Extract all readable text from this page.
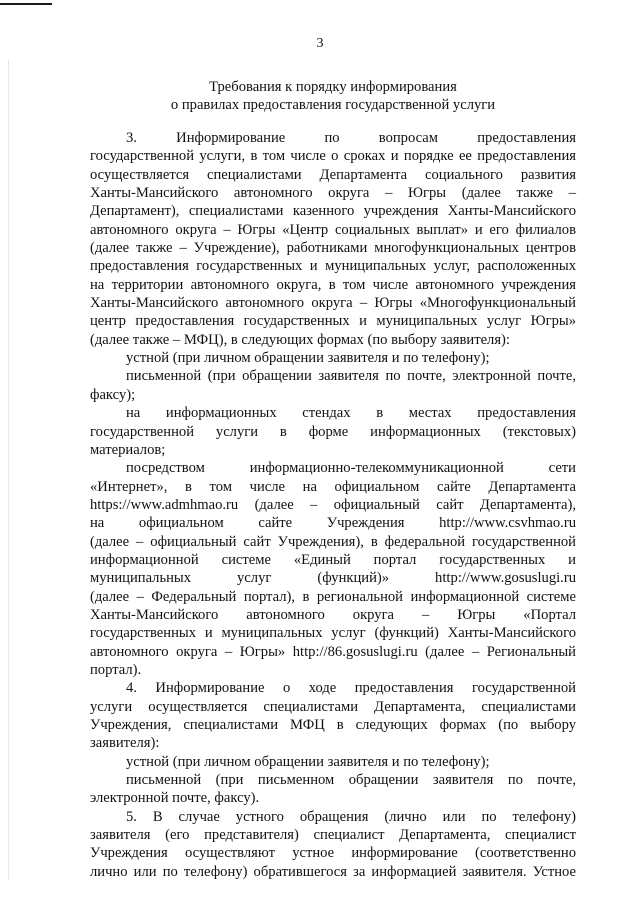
3
Требования к порядку информирования
о правилах предоставления государственной услуги
3. Информирование по вопросам предоставления
государственной услуги, в том числе о сроках и порядке ее предоставления
осуществляется специалистами Департамента социального развития
Ханты-Мансийского автономного округа – Югры (далее также –
Департамент), специалистами казенного учреждения Ханты-Мансийского
автономного округа – Югры «Центр социальных выплат» и его филиалов
(далее также – Учреждение), работниками многофункциональных центров
предоставления государственных и муниципальных услуг, расположенных
на территории автономного округа, в том числе автономного учреждения
Ханты-Мансийского автономного округа – Югры «Многофункциональный
центр предоставления государственных и муниципальных услуг Югры»
(далее также – МФЦ), в следующих формах (по выбору заявителя):
устной (при личном обращении заявителя и по телефону);
письменной (при обращении заявителя по почте, электронной почте,
факсу);
на информационных стендах в местах предоставления
государственной услуги в форме информационных (текстовых)
материалов;
посредством информационно-телекоммуникационной сети
«Интернет», в том числе на официальном сайте Департамента
https://www.admhmao.ru (далее – официальный сайт Департамента),
на официальном сайте Учреждения http://www.csvhmao.ru
(далее – официальный сайт Учреждения), в федеральной государственной
информационной системе «Единый портал государственных и
муниципальных услуг (функций)» http://www.gosuslugi.ru
(далее – Федеральный портал), в региональной информационной системе
Ханты-Мансийского автономного округа – Югры «Портал
государственных и муниципальных услуг (функций) Ханты-Мансийского
автономного округа – Югры» http://86.gosuslugi.ru (далее – Региональный
портал).
4. Информирование о ходе предоставления государственной
услуги осуществляется специалистами Департамента, специалистами
Учреждения, специалистами МФЦ в следующих формах (по выбору
заявителя):
устной (при личном обращении заявителя и по телефону);
письменной (при письменном обращении заявителя по почте,
электронной почте, факсу).
5. В случае устного обращения (лично или по телефону)
заявителя (его представителя) специалист Департамента, специалист
Учреждения осуществляют устное информирование (соответственно
лично или по телефону) обратившегося за информацией заявителя. Устное
